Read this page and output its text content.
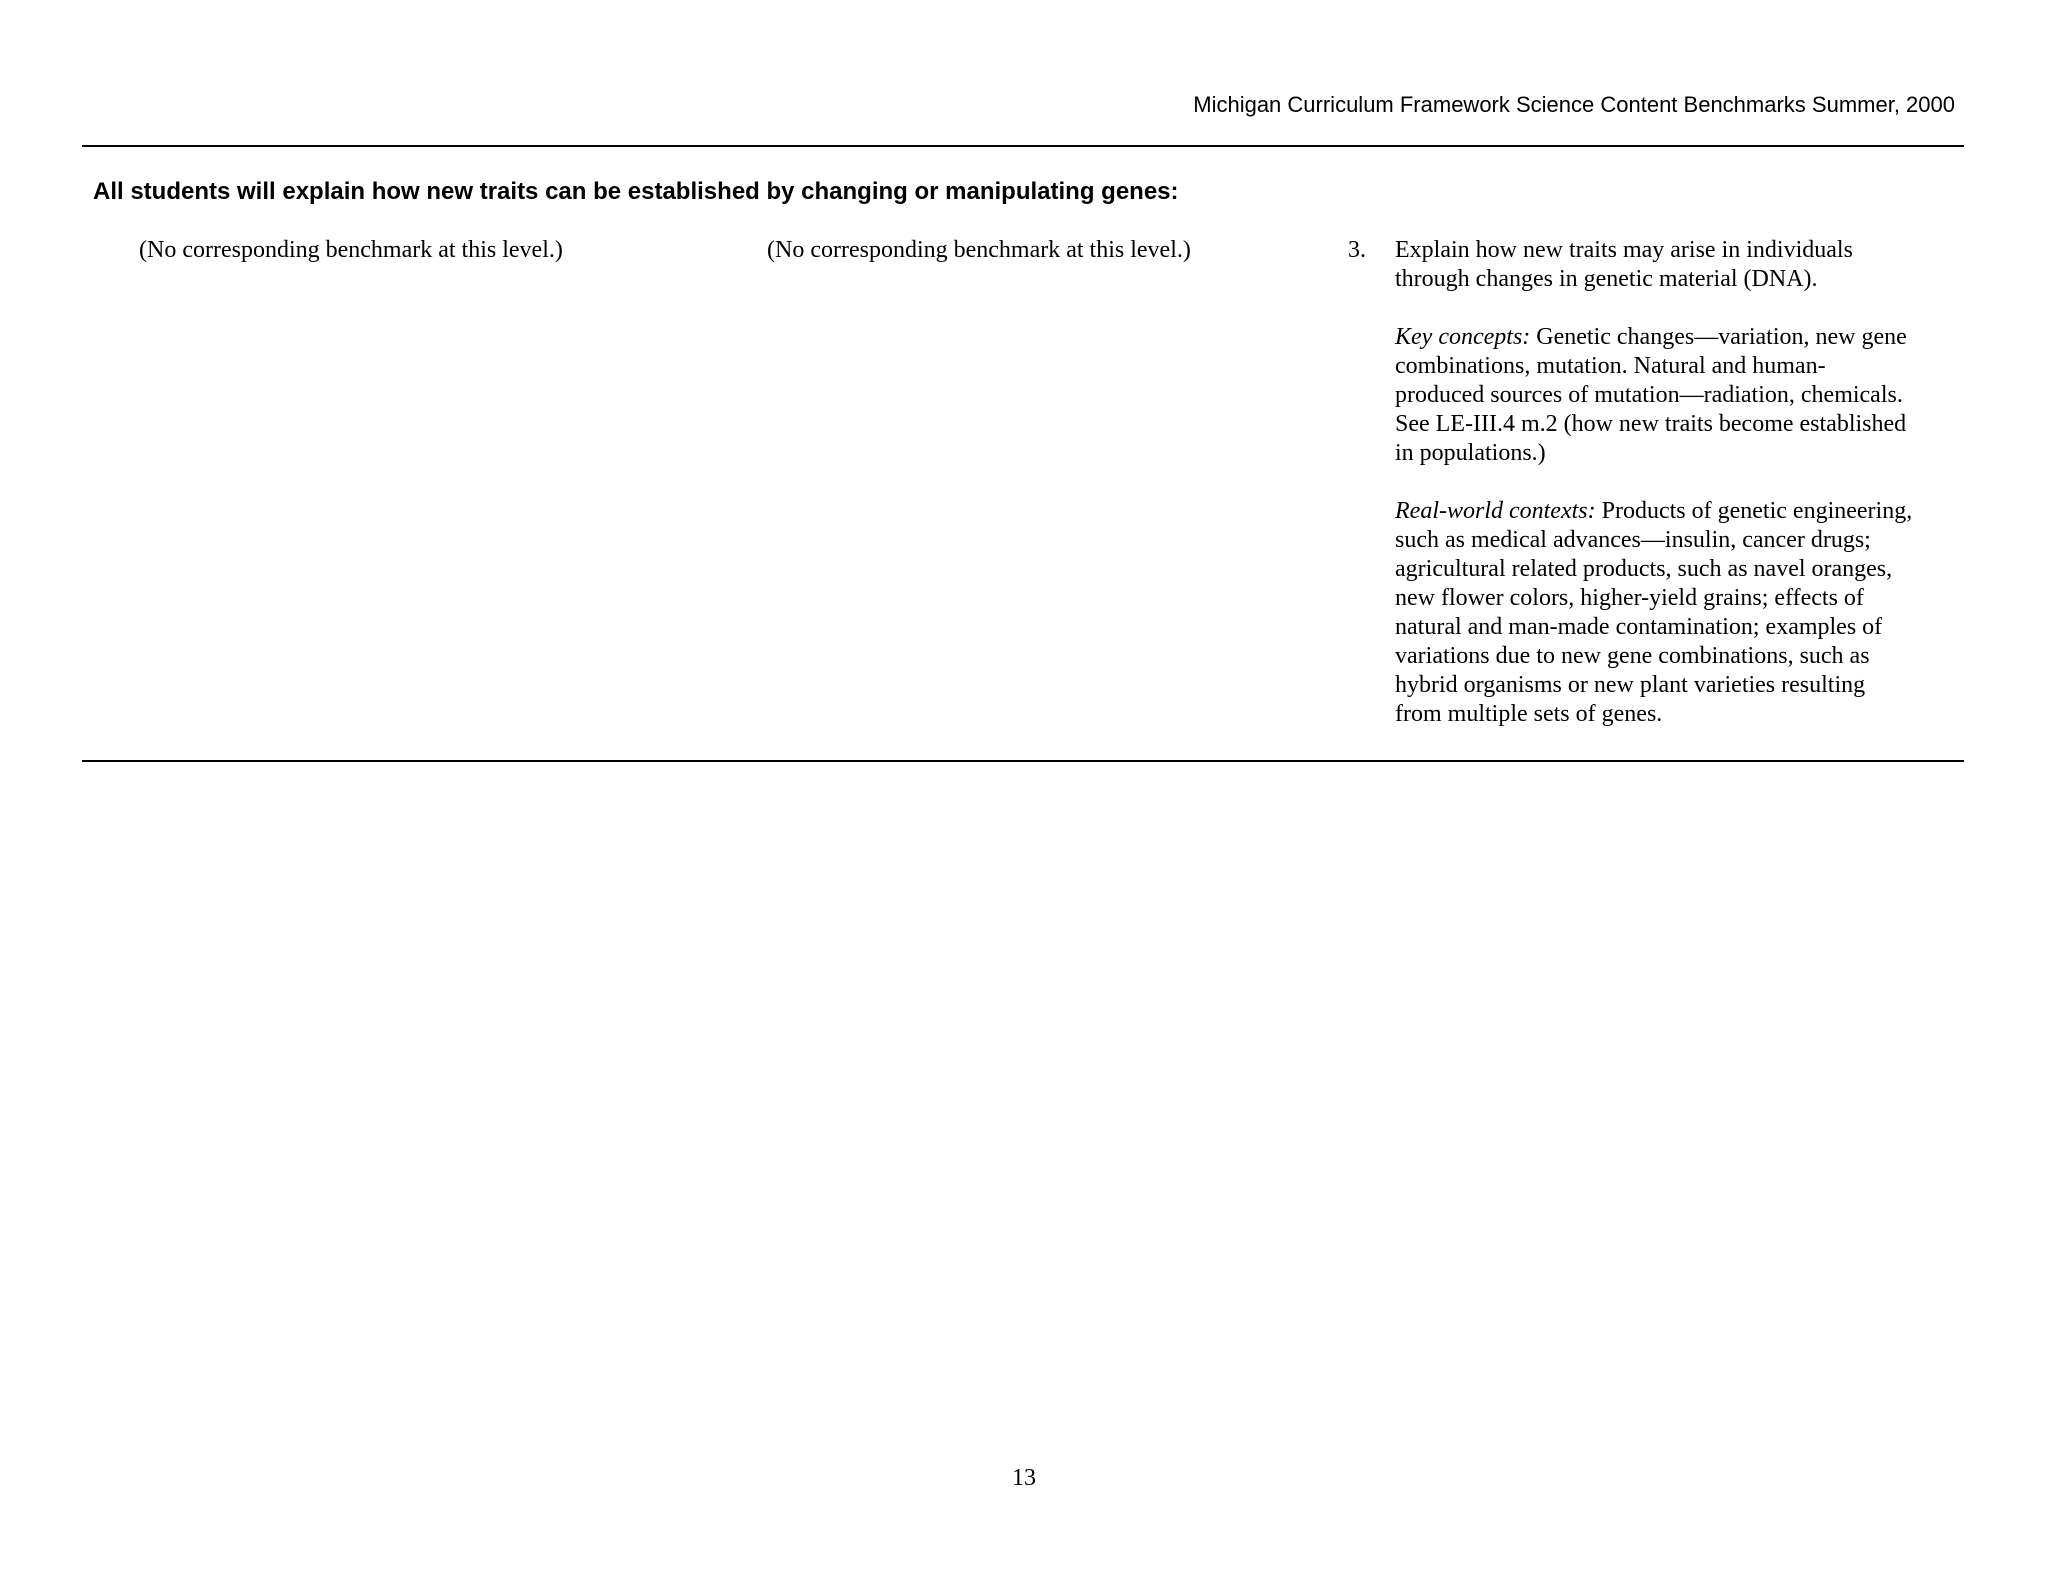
Michigan Curriculum Framework Science Content Benchmarks Summer, 2000
All students will explain how new traits can be established by changing or manipulating genes:
(No corresponding benchmark at this level.)	(No corresponding benchmark at this level.)	3. Explain how new traits may arise in individuals
through changes in genetic material (DNA).

Key concepts: Genetic changes—variation, new gene
combinations, mutation. Natural and human-
produced sources of mutation—radiation, chemicals.
See LE-III.4 m.2 (how new traits become established
in populations.)

Real-world contexts: Products of genetic engineering,
such as medical advances—insulin, cancer drugs;
agricultural related products, such as navel oranges,
new flower colors, higher-yield grains; effects of
natural and man-made contamination; examples of
variations due to new gene combinations, such as
hybrid organisms or new plant varieties resulting
from multiple sets of genes.

13
